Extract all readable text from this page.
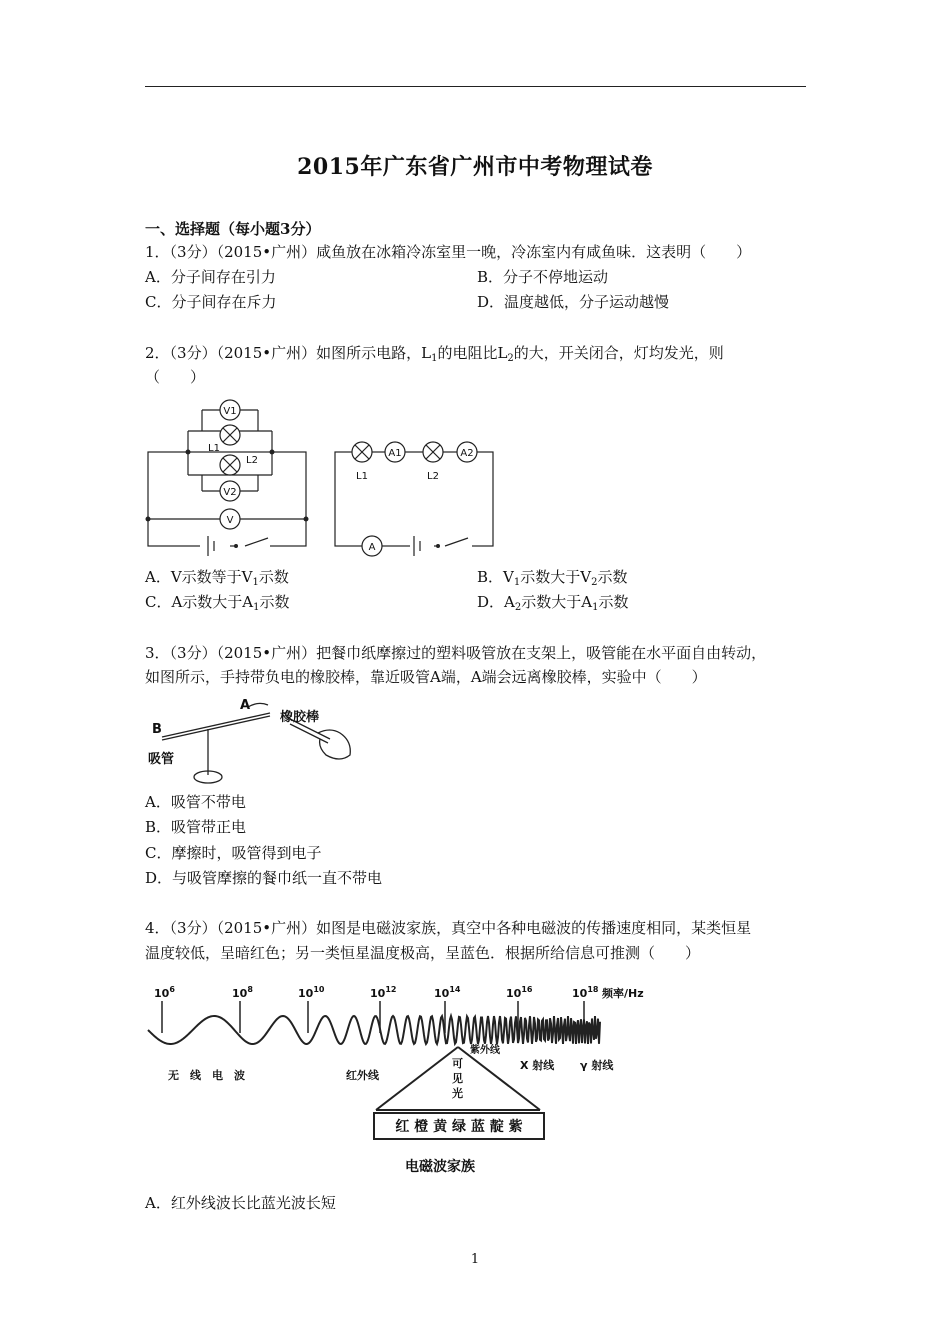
2015年广东省广州市中考物理试卷
一、选择题（每小题3分）
1．（3分）（2015•广州）咸鱼放在冰箱冷冻室里一晚，冷冻室内有咸鱼味．这表明（　　）
A．分子间存在引力	B．分子不停地运动
C．分子间存在斥力	D．温度越低，分子运动越慢
2．（3分）（2015•广州）如图所示电路，$L_1$的电阻比$L_2$的大，开关闭合，灯均发光，则
（　　）
V1
L1
L2
V2
V
A1	A2
L1	L2
A
A．V示数等于$V_1$示数	B．$V_1$示数大于$V_2$示数
C．A示数大于$A_1$示数	D．$A_2$示数大于$A_1$示数
3．（3分）（2015•广州）把餐巾纸摩擦过的塑料吸管放在支架上，吸管能在水平面自由转动，
如图所示，手持带负电的橡胶棒，靠近吸管A端，A端会远离橡胶棒，实验中（　　）
A
B
吸管
橡胶棒
A．吸管不带电
B．吸管带正电
C．摩擦时，吸管得到电子
D．与吸管摩擦的餐巾纸一直不带电
4．（3分）（2015•广州）如图是电磁波家族，真空中各种电磁波的传播速度相同，某类恒星
温度较低，呈暗红色；另一类恒星温度极高，呈蓝色．根据所给信息可推测（　　）
$10^6$	$10^8$	$10^{10}$	$10^{12}$	$10^{14}$	$10^{16}$	$10^{18}$ 频率/Hz
无　线　电　波	红外线
可
见
光
紫外线
X 射线 γ 射线
红 橙 黄 绿 蓝 靛 紫
电磁波家族
A．红外线波长比蓝光波长短
1
